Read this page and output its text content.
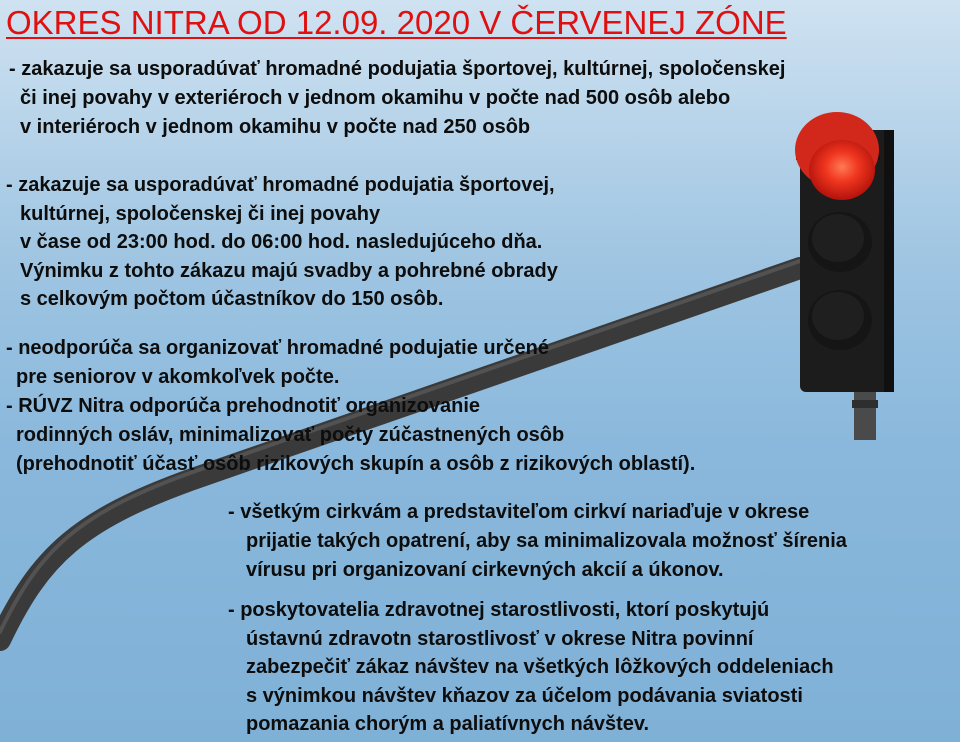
OKRES NITRA OD 12.09. 2020 V ČERVENEJ ZÓNE
- zakazuje sa usporadúvať hromadné podujatia športovej, kultúrnej, spoločenskej
či inej povahy v exteriéroch v jednom okamihu v počte nad 500 osôb alebo
v interiéroch v jednom okamihu v počte nad 250 osôb
- zakazuje sa usporadúvať hromadné podujatia športovej,
kultúrnej, spoločenskej či inej povahy
v čase od 23:00 hod. do 06:00 hod. nasledujúceho dňa.
Výnimku z tohto zákazu majú svadby a pohrebné obrady
s celkovým počtom účastníkov do 150 osôb.
- neodporúča sa organizovať hromadné podujatie určené
pre seniorov v akomkoľvek počte.
- RÚVZ Nitra odporúča prehodnotiť organizovanie
rodinných osláv, minimalizovať počty zúčastnených osôb
(prehodnotiť účasť osôb rizikových skupín a osôb z rizikových oblastí).
- všetkým cirkvám a predstaviteľom cirkví nariaďuje v okrese
prijatie takých opatrení, aby sa minimalizovala možnosť šírenia
vírusu pri organizovaní cirkevných akcií a úkonov.
- poskytovatelia zdravotnej starostlivosti, ktorí poskytujú
ústavnú zdravotn starostlivosť v okrese Nitra povinní
zabezpečiť zákaz návštev na všetkých lôžkových oddeleniach
s výnimkou návštev kňazov za účelom podávania sviatosti
pomazania chorým a paliatívnych návštev.
